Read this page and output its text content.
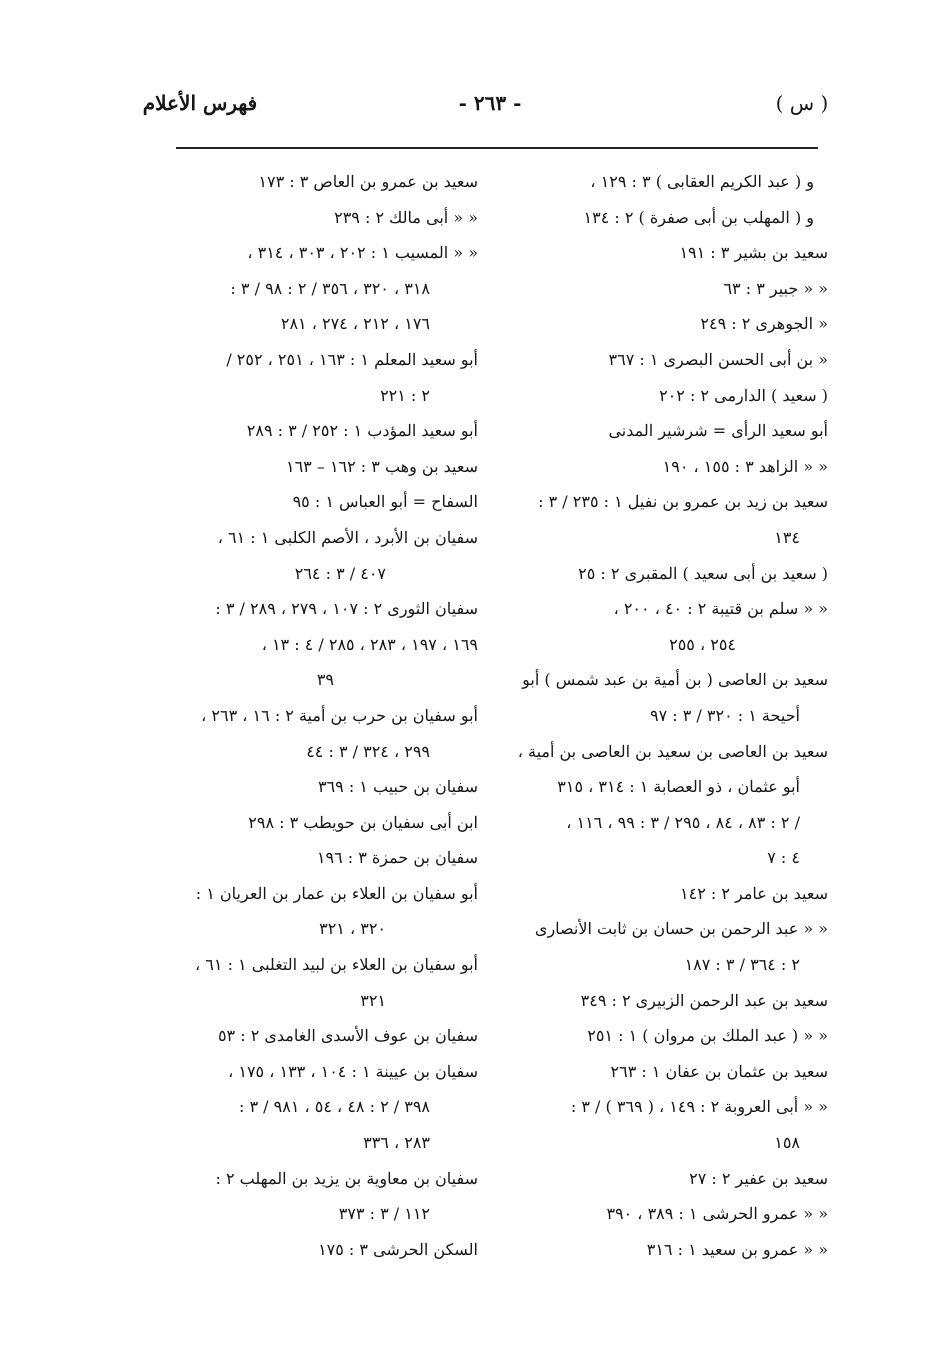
( س )
- ٢٦٣ -
فهرس الأعلام
و ( عبد الكريم العقابى ) ٣ : ١٢٩ ،
و ( المهلب بن أبى صفرة ) ٢ : ١٣٤
سعيد بن بشير ٣ : ١٩١
« « جبير ٣ : ٦٣
« الجوهرى ٢ : ٢٤٩
« بن أبى الحسن البصرى ١ : ٣٦٧
( سعيد ) الدارمى ٢ : ٢٠٢
أبو سعيد الرأى = شرشير المدنى
« « الزاهد ٣ : ١٥٥ ، ١٩٠
سعيد بن زيد بن عمرو بن نفيل ١ : ٢٣٥ / ٣ :
١٣٤
( سعيد بن أبى سعيد ) المقبرى ٢ : ٢٥
« « سلم بن قتيبة ٢ : ٤٠ ، ٢٠٠ ،
٢٥٤ ، ٢٥٥
سعيد بن العاصى ( بن أمية بن عبد شمس ) أبو
أحيحة ١ : ٣٢٠ / ٣ : ٩٧
سعيد بن العاصى بن سعيد بن العاصى بن أمية ،
أبو عثمان ، ذو العصابة ١ : ٣١٤ ، ٣١٥
/ ٢ : ٨٣ ، ٨٤ ، ٢٩٥ / ٣ : ٩٩ ، ١١٦ ،
٤ : ٧
سعيد بن عامر ٢ : ١٤٢
« « عبد الرحمن بن حسان بن ثابت الأنصارى
٢ : ٣٦٤ / ٣ : ١٨٧
سعيد بن عبد الرحمن الزبيرى ٢ : ٣٤٩
« « ( عبد الملك بن مروان ) ١ : ٢٥١
سعيد بن عثمان بن عفان ١ : ٢٦٣
« « أبى العروبة ٢ : ١٤٩ ، ( ٣٦٩ ) / ٣ :
١٥٨
سعيد بن عفير ٢ : ٢٧
« « عمرو الحرشى ١ : ٣٨٩ ، ٣٩٠
« « عمرو بن سعيد ١ : ٣١٦
سعيد بن عمرو بن العاص ٣ : ١٧٣
« « أبى مالك ٢ : ٢٣٩
« « المسيب ١ : ٢٠٢ ، ٣٠٣ ، ٣١٤ ،
٣١٨ ، ٣٢٠ ، ٣٥٦ / ٢ : ٩٨ / ٣ :
١٧٦ ، ٢١٢ ، ٢٧٤ ، ٢٨١
أبو سعيد المعلم ١ : ١٦٣ ، ٢٥١ ، ٢٥٢ /
٢ : ٢٢١
أبو سعيد المؤدب ١ : ٢٥٢ / ٣ : ٢٨٩
سعيد بن وهب ٣ : ١٦٢ – ١٦٣
السفاح = أبو العباس ١ : ٩٥
سفيان بن الأبرد ، الأصم الكلبى ١ : ٦١ ،
٤٠٧ / ٣ : ٢٦٤
سفيان الثورى ٢ : ١٠٧ ، ٢٧٩ ، ٢٨٩ / ٣ :
١٦٩ ، ١٩٧ ، ٢٨٣ ، ٢٨٥ / ٤ : ١٣ ،
٣٩
أبو سفيان بن حرب بن أمية ٢ : ١٦ ، ٢٦٣ ،
٢٩٩ ، ٣٢٤ / ٣ : ٤٤
سفيان بن حبيب ١ : ٣٦٩
ابن أبى سفيان بن حويطب ٣ : ٢٩٨
سفيان بن حمزة ٣ : ١٩٦
أبو سفيان بن العلاء بن عمار بن العريان ١ :
٣٢٠ ، ٣٢١
أبو سفيان بن العلاء بن لبيد التغلبى ١ : ٦١ ،
٣٢١
سفيان بن عوف الأسدى الغامدى ٢ : ٥٣
سفيان بن عيينة ١ : ١٠٤ ، ١٣٣ ، ١٧٥ ،
٣٩٨ / ٢ : ٤٨ ، ٥٤ ، ٩٨١ / ٣ :
٢٨٣ ، ٣٣٦
سفيان بن معاوية بن يزيد بن المهلب ٢ :
١١٢ / ٣ : ٣٧٣
السكن الحرشى ٣ : ١٧٥
